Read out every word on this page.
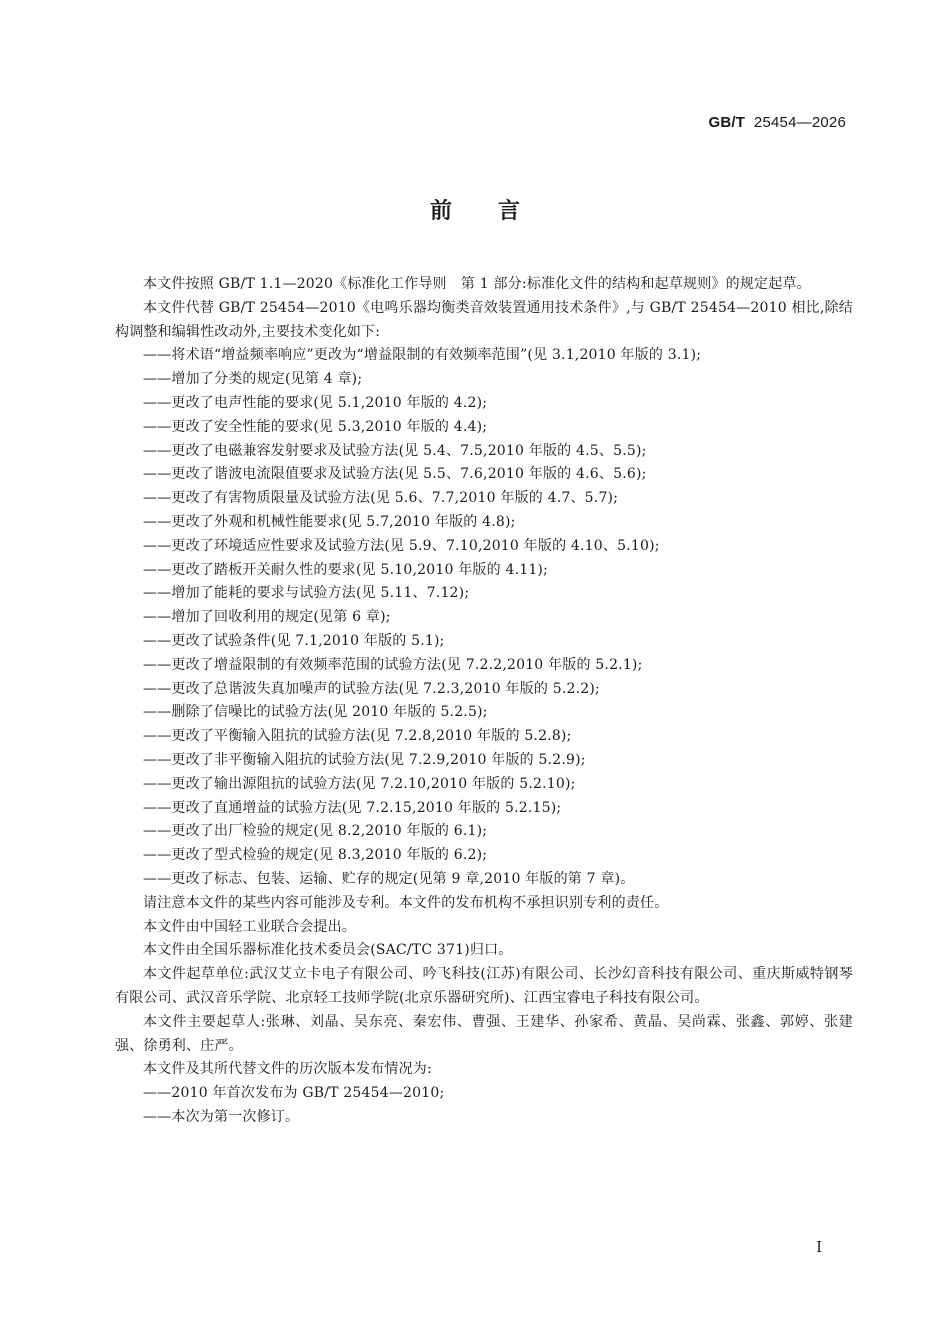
GB/T 25454—2026
前言

本文件按照 GB/T 1.1—2020《标准化工作导则　第 1 部分:标准化文件的结构和起草规则》的规定起草。

本文件代替 GB/T 25454—2010《电鸣乐器均衡类音效装置通用技术条件》,与 GB/T 25454—2010 相比,除结构调整和编辑性改动外,主要技术变化如下:

——将术语“增益频率响应”更改为“增益限制的有效频率范围”(见 3.1,2010 年版的 3.1);

——增加了分类的规定(见第 4 章);

——更改了电声性能的要求(见 5.1,2010 年版的 4.2);

——更改了安全性能的要求(见 5.3,2010 年版的 4.4);

——更改了电磁兼容发射要求及试验方法(见 5.4、7.5,2010 年版的 4.5、5.5);

——更改了谐波电流限值要求及试验方法(见 5.5、7.6,2010 年版的 4.6、5.6);

——更改了有害物质限量及试验方法(见 5.6、7.7,2010 年版的 4.7、5.7);

——更改了外观和机械性能要求(见 5.7,2010 年版的 4.8);

——更改了环境适应性要求及试验方法(见 5.9、7.10,2010 年版的 4.10、5.10);

——更改了踏板开关耐久性的要求(见 5.10,2010 年版的 4.11);

——增加了能耗的要求与试验方法(见 5.11、7.12);

——增加了回收利用的规定(见第 6 章);

——更改了试验条件(见 7.1,2010 年版的 5.1);

——更改了增益限制的有效频率范围的试验方法(见 7.2.2,2010 年版的 5.2.1);

——更改了总谐波失真加噪声的试验方法(见 7.2.3,2010 年版的 5.2.2);

——删除了信噪比的试验方法(见 2010 年版的 5.2.5);

——更改了平衡输入阻抗的试验方法(见 7.2.8,2010 年版的 5.2.8);

——更改了非平衡输入阻抗的试验方法(见 7.2.9,2010 年版的 5.2.9);

——更改了输出源阻抗的试验方法(见 7.2.10,2010 年版的 5.2.10);

——更改了直通增益的试验方法(见 7.2.15,2010 年版的 5.2.15);

——更改了出厂检验的规定(见 8.2,2010 年版的 6.1);

——更改了型式检验的规定(见 8.3,2010 年版的 6.2);

——更改了标志、包装、运输、贮存的规定(见第 9 章,2010 年版的第 7 章)。

请注意本文件的某些内容可能涉及专利。本文件的发布机构不承担识别专利的责任。

本文件由中国轻工业联合会提出。

本文件由全国乐器标准化技术委员会(SAC/TC 371)归口。

本文件起草单位:武汉艾立卡电子有限公司、吟飞科技(江苏)有限公司、长沙幻音科技有限公司、重庆斯威特钢琴有限公司、武汉音乐学院、北京轻工技师学院(北京乐器研究所)、江西宝睿电子科技有限公司。

本文件主要起草人:张琳、刘晶、吴东亮、秦宏伟、曹强、王建华、孙家希、黄晶、吴尚霖、张鑫、郭婷、张建强、徐勇利、庄严。

本文件及其所代替文件的历次版本发布情况为:

——2010 年首次发布为 GB/T 25454—2010;

——本次为第一次修订。

I
